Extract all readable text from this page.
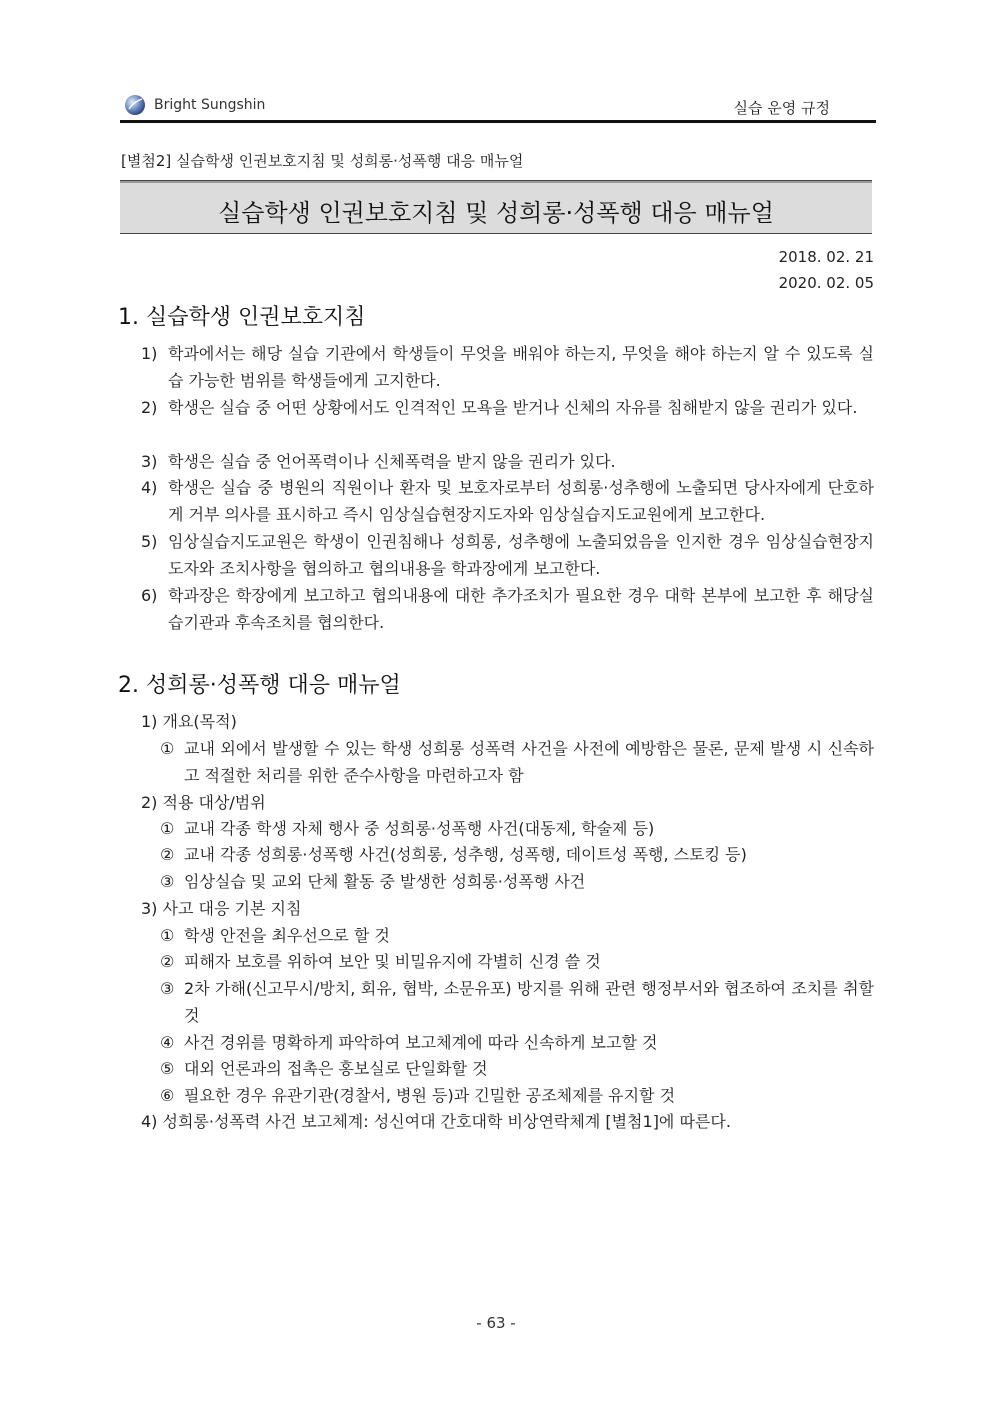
Bright Sungshin	실습 운영 규정
[별첨2] 실습학생 인권보호지침 및 성희롱·성폭행 대응 매뉴얼
실습학생 인권보호지침 및 성희롱·성폭행 대응 매뉴얼
2018. 02. 21
2020. 02. 05
1. 실습학생 인권보호지침
1) 학과에서는 해당 실습 기관에서 학생들이 무엇을 배워야 하는지, 무엇을 해야 하는지 알 수 있도록 실습 가능한 범위를 학생들에게 고지한다.
2) 학생은 실습 중 어떤 상황에서도 인격적인 모욕을 받거나 신체의 자유를 침해받지 않을 권리가 있다.
3) 학생은 실습 중 언어폭력이나 신체폭력을 받지 않을 권리가 있다.
4) 학생은 실습 중 병원의 직원이나 환자 및 보호자로부터 성희롱·성추행에 노출되면 당사자에게 단호하게 거부 의사를 표시하고 즉시 임상실습현장지도자와 임상실습지도교원에게 보고한다.
5) 임상실습지도교원은 학생이 인권침해나 성희롱, 성추행에 노출되었음을 인지한 경우 임상실습현장지도자와 조치사항을 협의하고 협의내용을 학과장에게 보고한다.
6) 학과장은 학장에게 보고하고 협의내용에 대한 추가조치가 필요한 경우 대학 본부에 보고한 후 해당실습기관과 후속조치를 협의한다.
2. 성희롱·성폭행 대응 매뉴얼
1) 개요(목적)
① 교내 외에서 발생할 수 있는 학생 성희롱 성폭력 사건을 사전에 예방함은 물론, 문제 발생 시 신속하고 적절한 처리를 위한 준수사항을 마련하고자 함
2) 적용 대상/범위
① 교내 각종 학생 자체 행사 중 성희롱·성폭행 사건(대동제, 학술제 등)
② 교내 각종 성희롱·성폭행 사건(성희롱, 성추행, 성폭행, 데이트성 폭행, 스토킹 등)
③ 임상실습 및 교외 단체 활동 중 발생한 성희롱·성폭행 사건
3) 사고 대응 기본 지침
① 학생 안전을 최우선으로 할 것
② 피해자 보호를 위하여 보안 및 비밀유지에 각별히 신경 쓸 것
③ 2차 가해(신고무시/방치, 회유, 협박, 소문유포) 방지를 위해 관련 행정부서와 협조하여 조치를 취할 것
④ 사건 경위를 명확하게 파악하여 보고체계에 따라 신속하게 보고할 것
⑤ 대외 언론과의 접촉은 홍보실로 단일화할 것
⑥ 필요한 경우 유관기관(경찰서, 병원 등)과 긴밀한 공조체제를 유지할 것
4) 성희롱·성폭력 사건 보고체계: 성신여대 간호대학 비상연락체계 [별첨1]에 따른다.
- 63 -
